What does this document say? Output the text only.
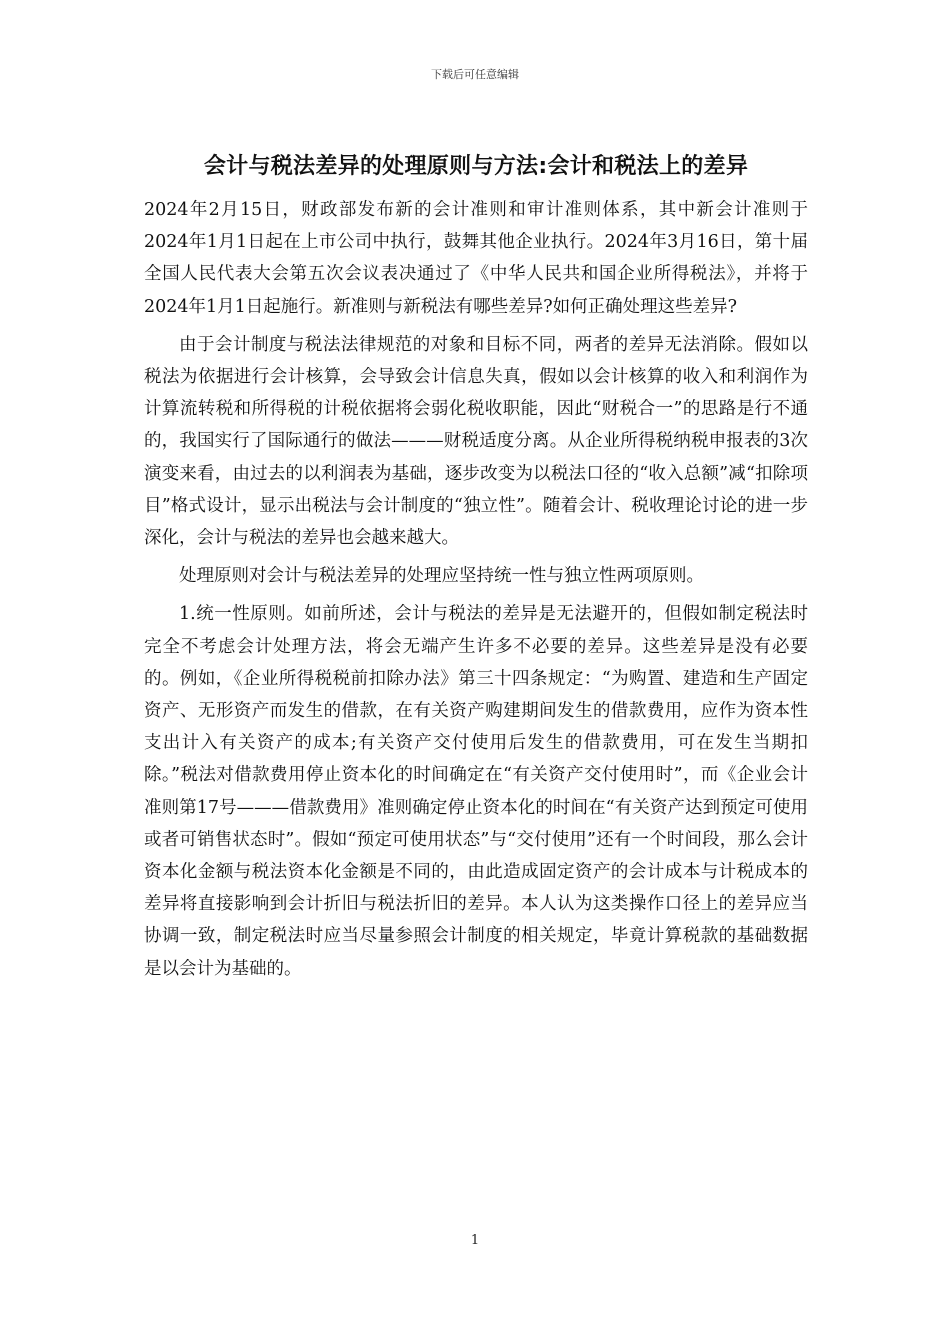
下载后可任意编辑
会计与税法差异的处理原则与方法:会计和税法上的差异

2024年2月15日，财政部发布新的会计准则和审计准则体系，其中新会计准则于2024年1月1日起在上市公司中执行，鼓舞其他企业执行。2024年3月16日，第十届全国人民代表大会第五次会议表决通过了《中华人民共和国企业所得税法》，并将于2024年1月1日起施行。新准则与新税法有哪些差异?如何正确处理这些差异?

由于会计制度与税法法律规范的对象和目标不同，两者的差异无法消除。假如以税法为依据进行会计核算，会导致会计信息失真，假如以会计核算的收入和利润作为计算流转税和所得税的计税依据将会弱化税收职能，因此“财税合一”的思路是行不通的，我国实行了国际通行的做法———财税适度分离。从企业所得税纳税申报表的3次演变来看，由过去的以利润表为基础，逐步改变为以税法口径的“收入总额”减“扣除项目”格式设计，显示出税法与会计制度的“独立性”。随着会计、税收理论讨论的进一步深化，会计与税法的差异也会越来越大。

处理原则对会计与税法差异的处理应坚持统一性与独立性两项原则。

1.统一性原则。如前所述，会计与税法的差异是无法避开的，但假如制定税法时完全不考虑会计处理方法，将会无端产生许多不必要的差异。这些差异是没有必要的。例如，《企业所得税税前扣除办法》第三十四条规定：“为购置、建造和生产固定资产、无形资产而发生的借款，在有关资产购建期间发生的借款费用，应作为资本性支出计入有关资产的成本;有关资产交付使用后发生的借款费用，可在发生当期扣除。”税法对借款费用停止资本化的时间确定在“有关资产交付使用时”，而《企业会计准则第17号———借款费用》准则确定停止资本化的时间在“有关资产达到预定可使用或者可销售状态时”。假如“预定可使用状态”与“交付使用”还有一个时间段，那么会计资本化金额与税法资本化金额是不同的，由此造成固定资产的会计成本与计税成本的差异将直接影响到会计折旧与税法折旧的差异。本人认为这类操作口径上的差异应当协调一致，制定税法时应当尽量参照会计制度的相关规定，毕竟计算税款的基础数据是以会计为基础的。

1
